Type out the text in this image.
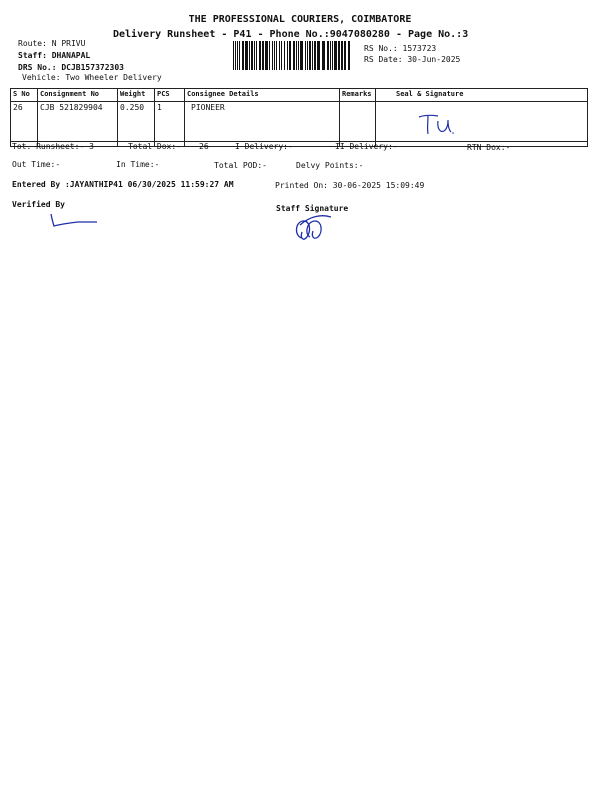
THE PROFESSIONAL COURIERS, COIMBATORE
Delivery Runsheet - P41 - Phone No.:9047080280 - Page No.:3
Route: N PRIVU
Staff: DHANAPAL
DRS No.: DCJB157372303
Vehicle: Two Wheeler Delivery
RS No.: 1573723
RS Date: 30-Jun-2025
S No	Consignment No	Weight	PCS	Consignee Details	Remarks	Seal & Signature
26	CJB 521829904	0.250	1	PIONEER		
Tot. Runsheet:- 3	Total Dox:- 26	I Delivery:-	II Delivery:-	RTN Dox:-
Out Time:-	In Time:-	Total POD:-	Delvy Points:-
Entered By :JAYANTHIP41 06/30/2025 11:59:27 AM	Printed On: 30-06-2025 15:09:49
Verified By	Staff Signature
